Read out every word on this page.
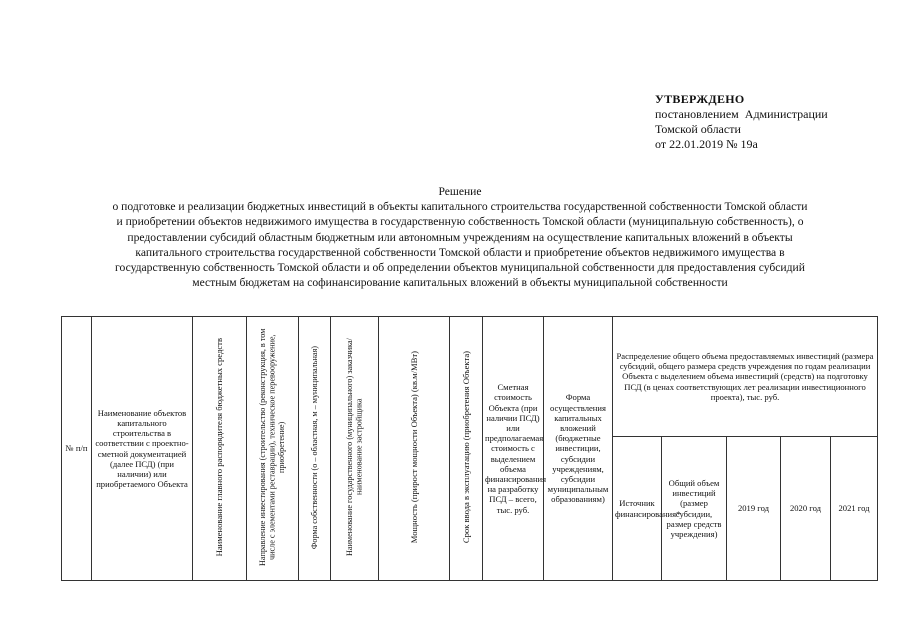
УТВЕРЖДЕНО
постановлением Администрации
Томской области
от 22.01.2019 № 19а
Решение
о подготовке и реализации бюджетных инвестиций в объекты капитального строительства государственной собственности Томской области и приобретении объектов недвижимого имущества в государственную собственность Томской области (муниципальную собственность), о предоставлении субсидий областным бюджетным или автономным учреждениям на осуществление капитальных вложений в объекты капитального строительства государственной собственности Томской области и приобретение объектов недвижимого имущества в государственную собственность Томской области и об определении объектов муниципальной собственности для предоставления субсидий местным бюджетам на софинансирование капитальных вложений в объекты муниципальной собственности
№ п/п	Наименование объектов капитального строительства в соответствии с проектно-сметной документацией (далее ПСД) (при наличии) или приобретаемого Объекта	Наименование главного распорядителя бюджетных средств	Направление инвестирования (строительство (реконструкция, в том числе с элементами реставрации), техническое перевооружение, приобретение)	Форма собственности (о – областная, м – муниципальная)	Наименование государственного (муниципального) заказчика/наименование застройщика	Мощность (прирост мощности Объекта) (кв.м/МВт)	Срок ввода в эксплуатацию (приобретения Объекта)	Сметная стоимость Объекта (при наличии ПСД) или предполагаемая стоимость с выделением объема финансирования на разработку ПСД – всего, тыс. руб.	Форма осуществления капитальных вложений (бюджетные инвестиции, субсидии учреждениям, субсидии муниципальным образованиям)	Распределение общего объема предоставляемых инвестиций (размера субсидий, общего размера средств учреждения по годам реализации Объекта с выделением объема инвестиций (средств) на подготовку ПСД (в ценах соответствующих лет реализации инвестиционного проекта), тыс. руб.				
										Источник финансирования*	Общий объем инвестиций (размер субсидии, размер средств учреждения)	2019 год	2020 год	2021 год
